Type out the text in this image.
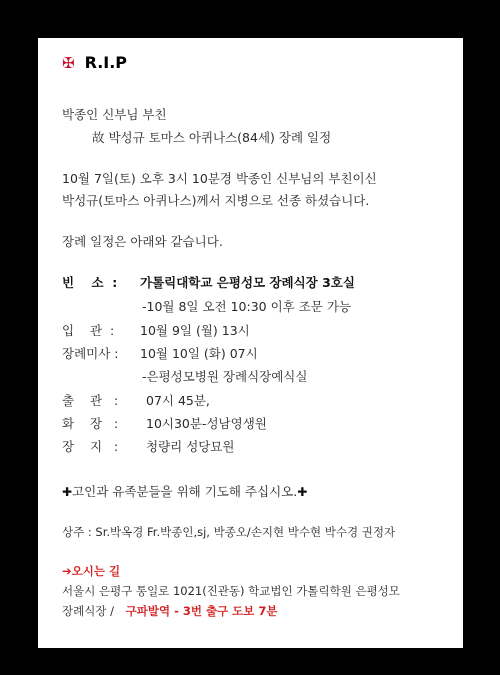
✠ R.I.P
박종인 신부님 부친
故 박성규 토마스 아퀴나스(84세) 장례 일정
10월 7일(토) 오후 3시 10분경 박종인 신부님의 부친이신
박성규(토마스 아퀴나스)께서 지병으로 선종 하셨습니다.
장례 일정은 아래와 같습니다.
빈    소  : 가톨릭대학교 은평성모 장례식장 3호실
-10월 8일 오전 10:30 이후 조문 가능
입    관  : 10월 9일 (월) 13시
장례미사 : 10월 10일 (화) 07시
-은평성모병원 장례식장예식실
출    관   : 07시 45분,
화    장   : 10시30분-성남영생원
장    지   : 청량리 성당묘원
✚고인과 유족분들을 위해 기도해 주십시오.✚
상주 : Sr.박옥경 Fr.박종인,sj, 박종오/손지현 박수현 박수경 권정자
➔오시는 길
서울시 은평구 통일로 1021(진관동) 학교법인 가톨릭학원 은평성모
장례식장 / 구파발역 - 3번 출구 도보 7분
